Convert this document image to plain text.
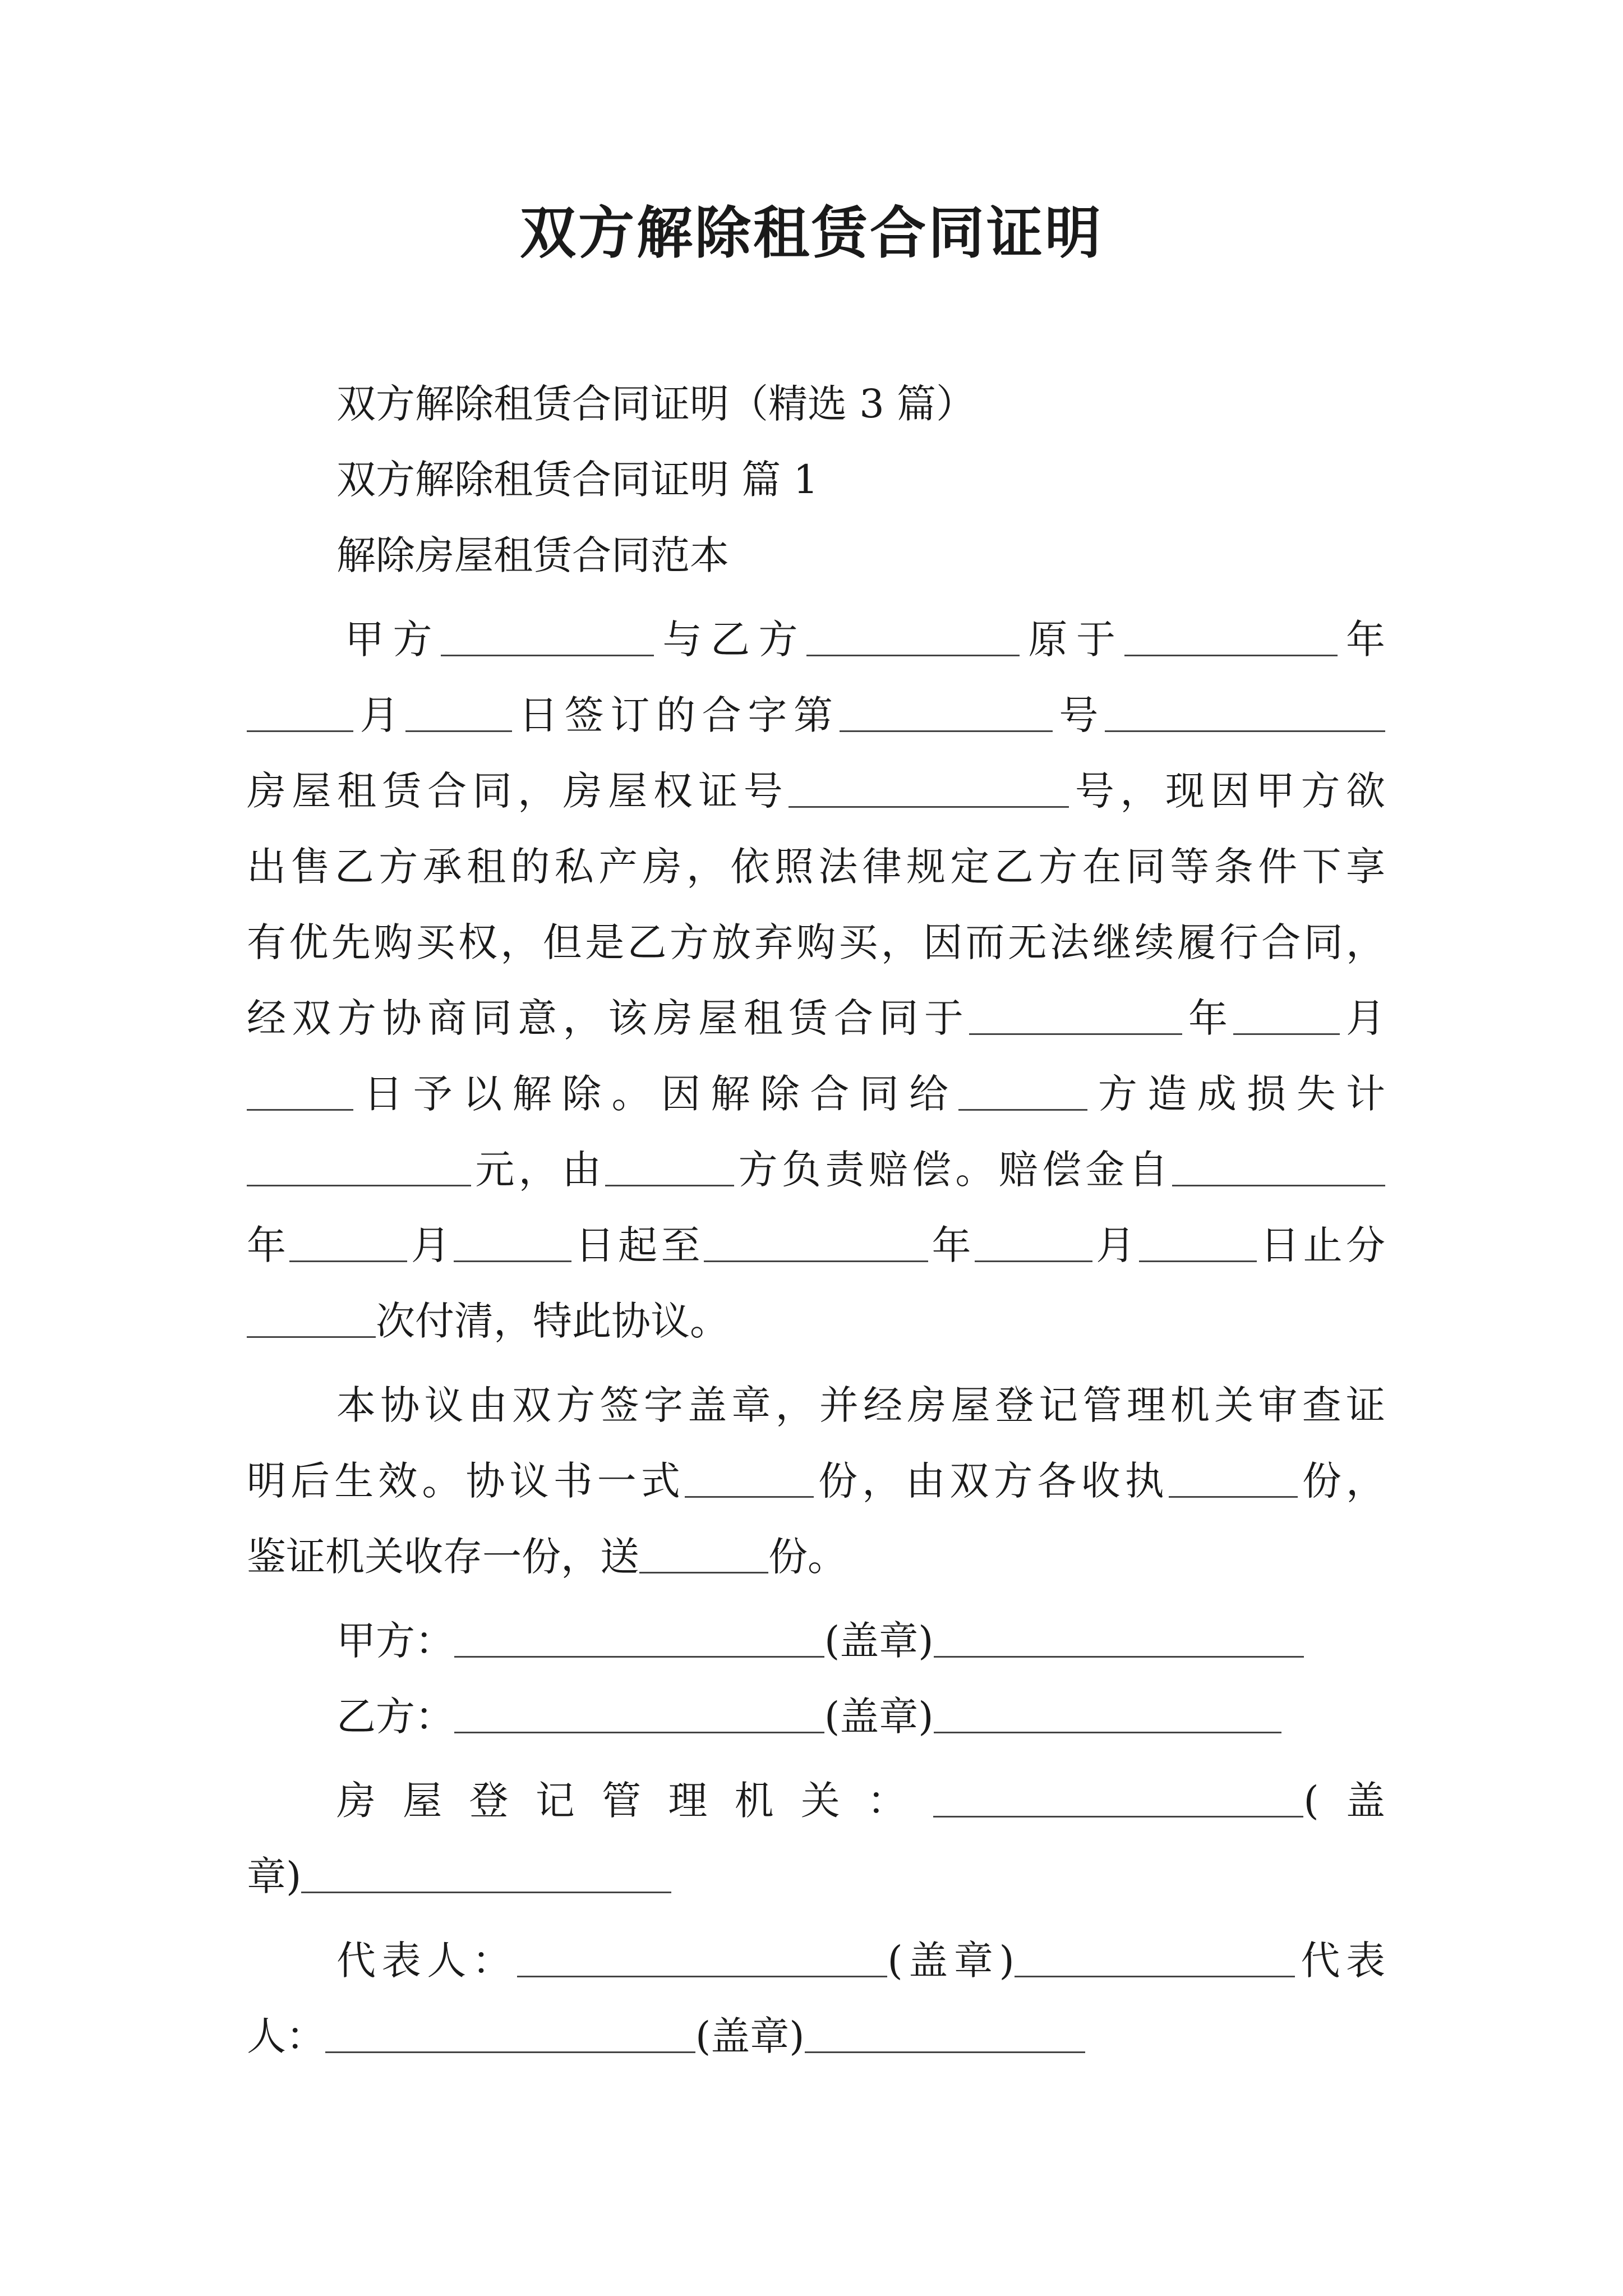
双方解除租赁合同证明
双方解除租赁合同证明（精选 3 篇）
双方解除租赁合同证明 篇 1
解除房屋租赁合同范本
甲方	与乙方	原于	年
月	日签订的合字第	号
房屋租赁合同，房屋权证号	号，现因甲方欲
出售乙方承租的私产房，依照法律规定乙方在同等条件下享
有优先购买权，但是乙方放弃购买，因而无法继续履行合同，
经双方协商同意，该房屋租赁合同于	年	月
日予以解除。因解除合同给	方造成损失计
元，由	方负责赔偿。赔偿金自
年	月	日起至	年	月	日止分
次付清，特此协议。
本协议由双方签字盖章，并经房屋登记管理机关审查证
明后生效。协议书一式	份，由双方各收执	份，
鉴证机关收存一份，送	份。
甲方：	(盖章)
乙方：	(盖章)
房屋登记管理机关：	(盖
章)
代表人：	(盖章)	代表
人：	(盖章)
